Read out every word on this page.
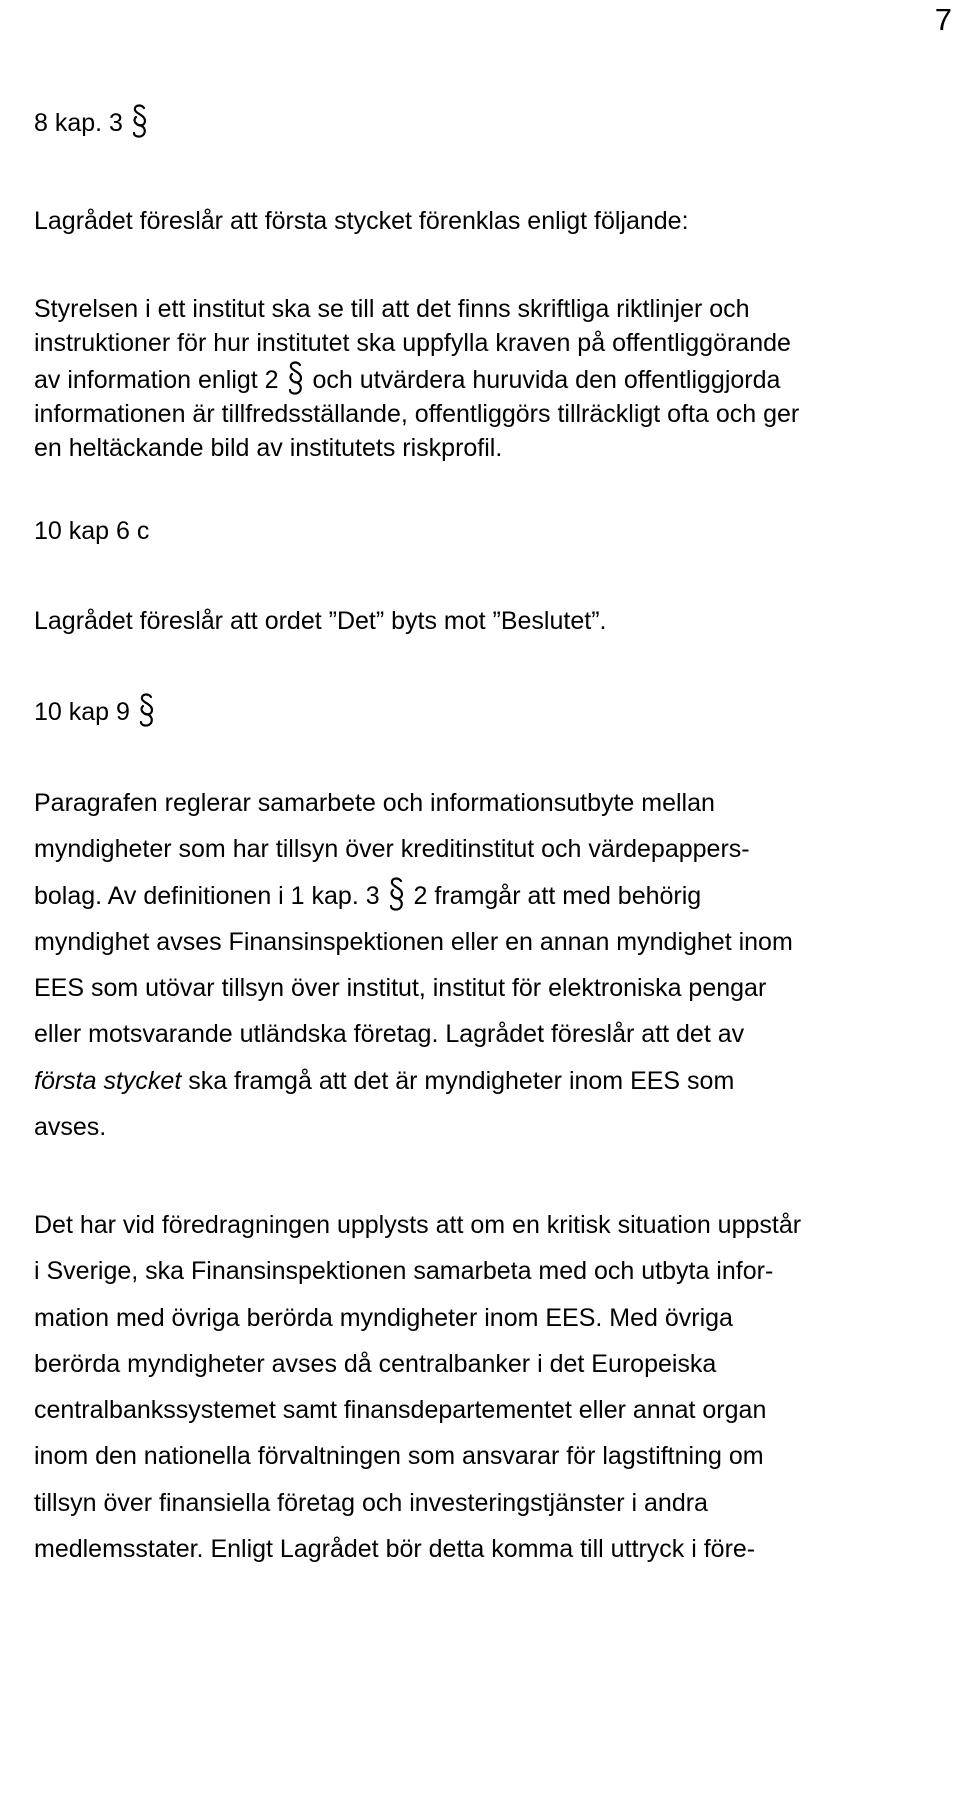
7
8 kap. 3
Lagrådet föreslår att första stycket förenklas enligt följande:
Styrelsen i ett institut ska se till att det finns skriftliga riktlinjer och
instruktioner för hur institutet ska uppfylla kraven på offentliggörande
av information enligt 2 och utvärdera huruvida den offentliggjorda
informationen är tillfredsställande, offentliggörs tillräckligt ofta och ger
en heltäckande bild av institutets riskprofil.
10 kap 6 c
Lagrådet föreslår att ordet ”Det” byts mot ”Beslutet”.
10 kap 9
Paragrafen reglerar samarbete och informationsutbyte mellan
myndigheter som har tillsyn över kreditinstitut och värdepappers-
bolag. Av definitionen i 1 kap. 3 2 framgår att med behörig
myndighet avses Finansinspektionen eller en annan myndighet inom
EES som utövar tillsyn över institut, institut för elektroniska pengar
eller motsvarande utländska företag. Lagrådet föreslår att det av
första stycket ska framgå att det är myndigheter inom EES som
avses.
Det har vid föredragningen upplysts att om en kritisk situation uppstår
i Sverige, ska Finansinspektionen samarbeta med och utbyta infor-
mation med övriga berörda myndigheter inom EES. Med övriga
berörda myndigheter avses då centralbanker i det Europeiska
centralbankssystemet samt finansdepartementet eller annat organ
inom den nationella förvaltningen som ansvarar för lagstiftning om
tillsyn över finansiella företag och investeringstjänster i andra
medlemsstater. Enligt Lagrådet bör detta komma till uttryck i före-
